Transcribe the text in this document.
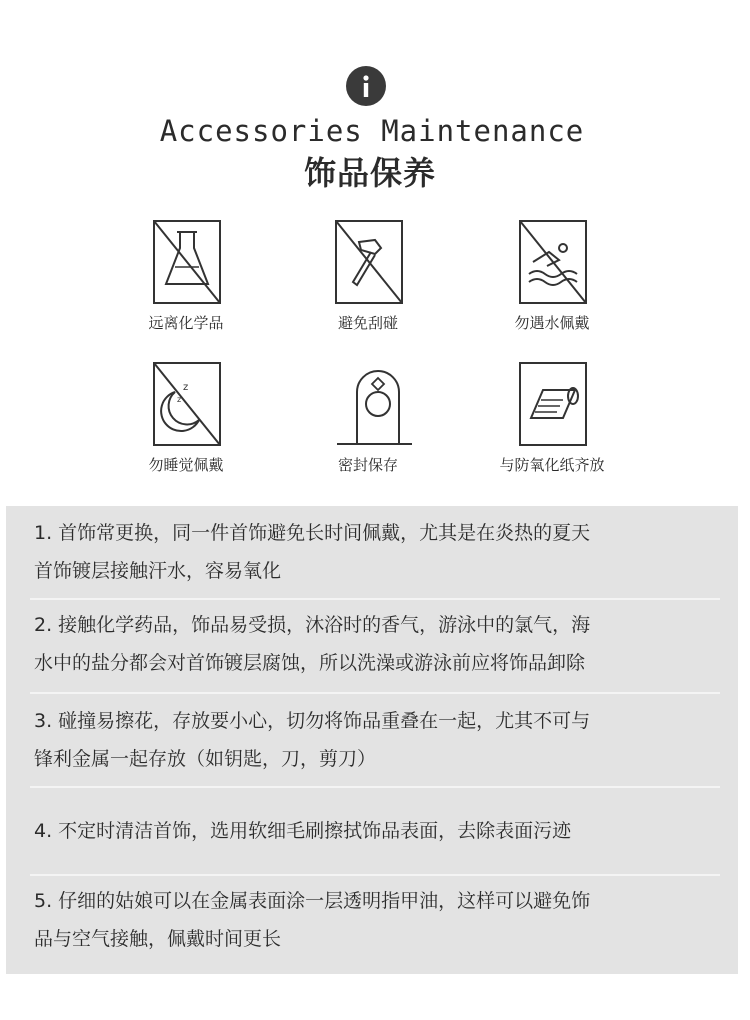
Accessories Maintenance
饰品保养
远离化学品	避免刮碰	勿遇水佩戴
z
z
勿睡觉佩戴	密封保存	与防氧化纸齐放
1. 首饰常更换，同一件首饰避免长时间佩戴，尤其是在炎热的夏天
首饰镀层接触汗水，容易氧化
2. 接触化学药品，饰品易受损，沐浴时的香气，游泳中的氯气，海
水中的盐分都会对首饰镀层腐蚀，所以洗澡或游泳前应将饰品卸除
3. 碰撞易擦花，存放要小心，切勿将饰品重叠在一起，尤其不可与
锋利金属一起存放（如钥匙，刀，剪刀）
4. 不定时清洁首饰，选用软细毛刷擦拭饰品表面，去除表面污迹
5. 仔细的姑娘可以在金属表面涂一层透明指甲油，这样可以避免饰
品与空气接触，佩戴时间更长
